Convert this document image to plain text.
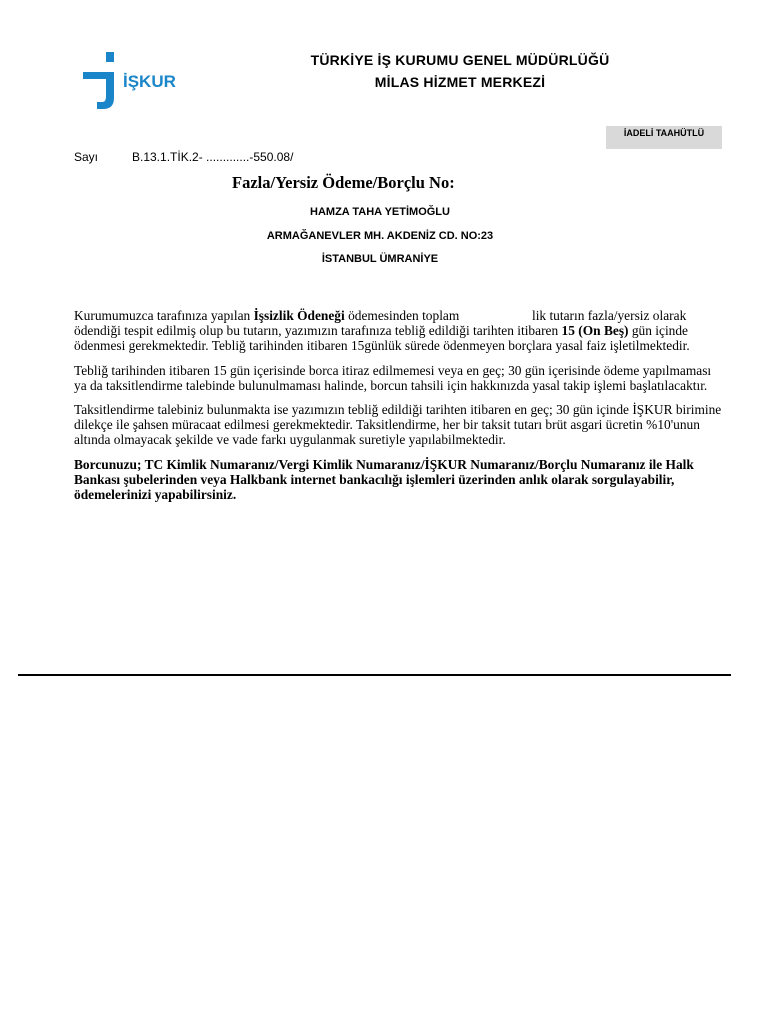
İŞKUR
TÜRKİYE İŞ KURUMU GENEL MÜDÜRLÜĞÜ
MİLAS HİZMET MERKEZİ
İADELİ TAAHÜTLÜ
Sayı	B.13.1.TİK.2- .............-550.08/
Fazla/Yersiz Ödeme/Borçlu No:
HAMZA TAHA YETİMOĞLU
ARMAĞANEVLER MH. AKDENİZ CD. NO:23
İSTANBUL ÜMRANİYE

Kurumumuzca tarafınıza yapılan İşsizlik Ödeneği ödemesinden toplam	lik tutarın fazla/yersiz olarak ödendiği tespit edilmiş olup bu tutarın, yazımızın tarafınıza tebliğ edildiği tarihten itibaren 15 (On Beş) gün içinde ödenmesi gerekmektedir. Tebliğ tarihinden itibaren 15günlük sürede ödenmeyen borçlara yasal faiz işletilmektedir.

Tebliğ tarihinden itibaren 15 gün içerisinde borca itiraz edilmemesi veya en geç; 30 gün içerisinde ödeme yapılmaması ya da taksitlendirme talebinde bulunulmaması halinde, borcun tahsili için hakkınızda yasal takip işlemi başlatılacaktır.

Taksitlendirme talebiniz bulunmakta ise yazımızın tebliğ edildiği tarihten itibaren en geç; 30 gün içinde İŞKUR birimine dilekçe ile şahsen müracaat edilmesi gerekmektedir. Taksitlendirme, her bir taksit tutarı brüt asgari ücretin %10'unun altında olmayacak şekilde ve vade farkı uygulanmak suretiyle yapılabilmektedir.

Borcunuzu; TC Kimlik Numaranız/Vergi Kimlik Numaranız/İŞKUR Numaranız/Borçlu Numaranız ile Halk Bankası şubelerinden veya Halkbank internet bankacılığı işlemleri üzerinden anlık olarak sorgulayabilir, ödemelerinizi yapabilirsiniz.
